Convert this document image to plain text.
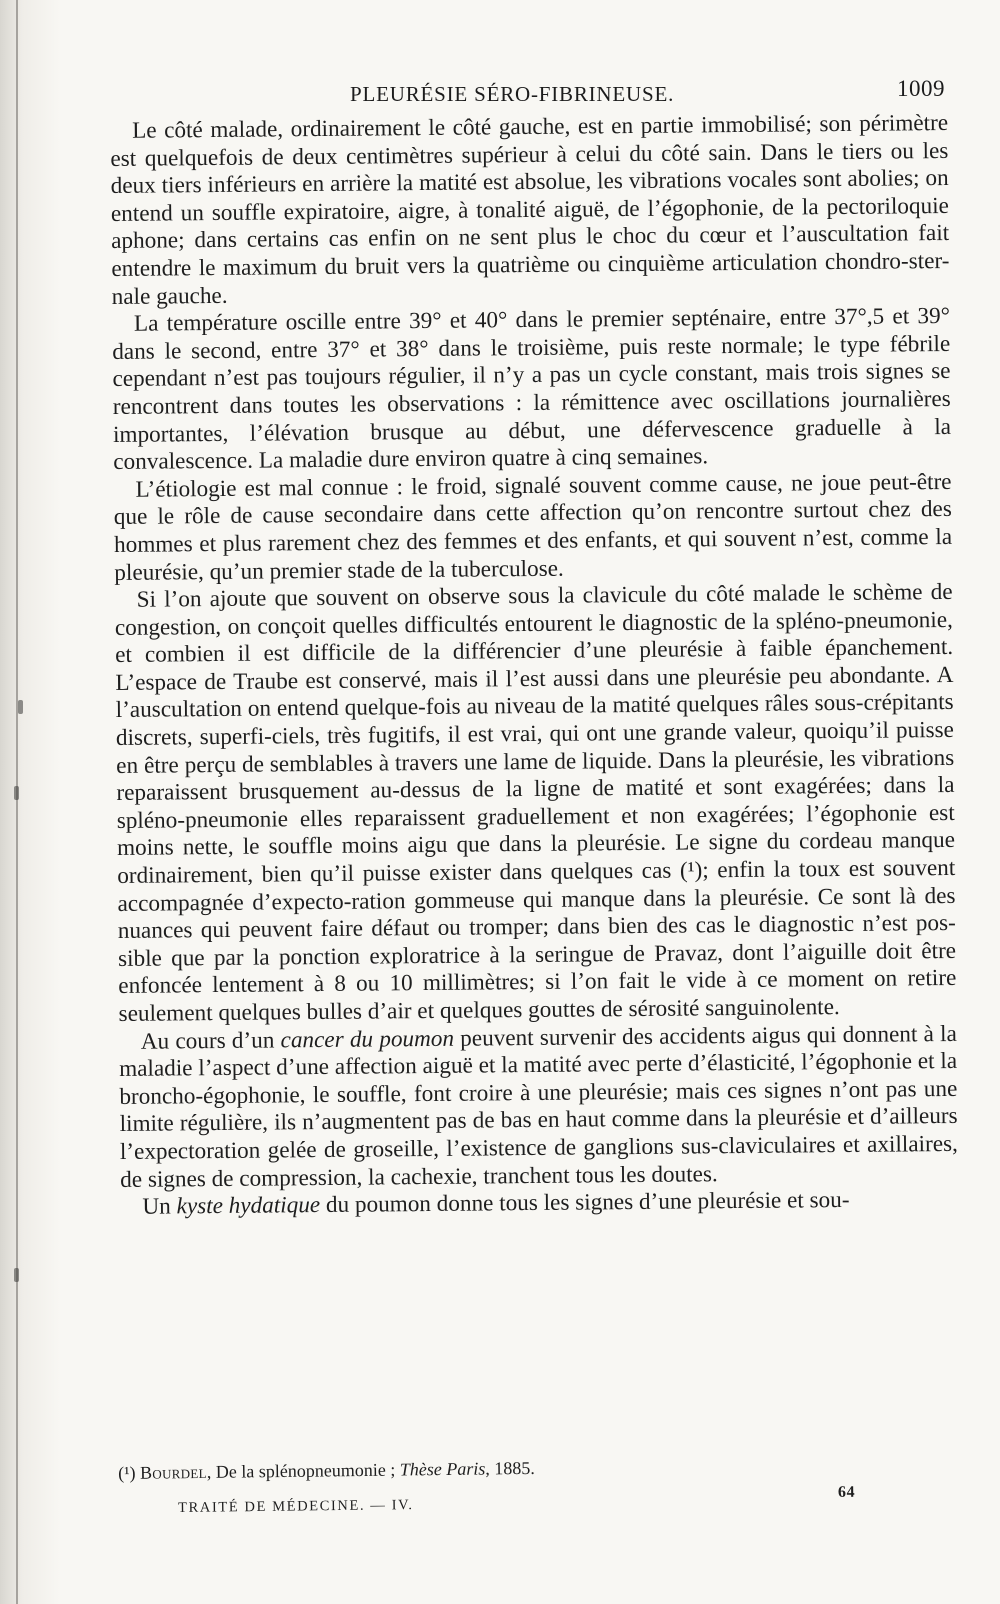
PLEURÉSIE SÉRO-FIBRINEUSE.	1009

Le côté malade, ordinairement le côté gauche, est en partie immobilisé; son périmètre est quelquefois de deux centimètres supérieur à celui du côté sain. Dans le tiers ou les deux tiers inférieurs en arrière la matité est absolue, les vibrations vocales sont abolies; on entend un souffle expiratoire, aigre, à tonalité aiguë, de l’égophonie, de la pectoriloquie aphone; dans certains cas enfin on ne sent plus le choc du cœur et l’auscultation fait entendre le maximum du bruit vers la quatrième ou cinquième articulation chondro-ster-nale gauche.

La température oscille entre 39° et 40° dans le premier septénaire, entre 37°,5 et 39° dans le second, entre 37° et 38° dans le troisième, puis reste normale; le type fébrile cependant n’est pas toujours régulier, il n’y a pas un cycle constant, mais trois signes se rencontrent dans toutes les observations : la rémittence avec oscillations journalières importantes, l’élévation brusque au début, une défervescence graduelle à la convalescence. La maladie dure environ quatre à cinq semaines.

L’étiologie est mal connue : le froid, signalé souvent comme cause, ne joue peut-être que le rôle de cause secondaire dans cette affection qu’on rencontre surtout chez des hommes et plus rarement chez des femmes et des enfants, et qui souvent n’est, comme la pleurésie, qu’un premier stade de la tuberculose.

Si l’on ajoute que souvent on observe sous la clavicule du côté malade le schème de congestion, on conçoit quelles difficultés entourent le diagnostic de la spléno-pneumonie, et combien il est difficile de la différencier d’une pleurésie à faible épanchement. L’espace de Traube est conservé, mais il l’est aussi dans une pleurésie peu abondante. A l’auscultation on entend quelque-fois au niveau de la matité quelques râles sous-crépitants discrets, superfi-ciels, très fugitifs, il est vrai, qui ont une grande valeur, quoiqu’il puisse en être perçu de semblables à travers une lame de liquide. Dans la pleurésie, les vibrations reparaissent brusquement au-dessus de la ligne de matité et sont exagérées; dans la spléno-pneumonie elles reparaissent graduellement et non exagérées; l’égophonie est moins nette, le souffle moins aigu que dans la pleurésie. Le signe du cordeau manque ordinairement, bien qu’il puisse exister dans quelques cas (¹); enfin la toux est souvent accompagnée d’expecto-ration gommeuse qui manque dans la pleurésie. Ce sont là des nuances qui peuvent faire défaut ou tromper; dans bien des cas le diagnostic n’est pos-sible que par la ponction exploratrice à la seringue de Pravaz, dont l’aiguille doit être enfoncée lentement à 8 ou 10 millimètres; si l’on fait le vide à ce moment on retire seulement quelques bulles d’air et quelques gouttes de sérosité sanguinolente.

Au cours d’un cancer du poumon peuvent survenir des accidents aigus qui donnent à la maladie l’aspect d’une affection aiguë et la matité avec perte d’élasticité, l’égophonie et la broncho-égophonie, le souffle, font croire à une pleurésie; mais ces signes n’ont pas une limite régulière, ils n’augmentent pas de bas en haut comme dans la pleurésie et d’ailleurs l’expectoration gelée de groseille, l’existence de ganglions sus-claviculaires et axillaires, de signes de compression, la cachexie, tranchent tous les doutes.

Un kyste hydatique du poumon donne tous les signes d’une pleurésie et sou-

(¹) Bourdel, De la splénopneumonie ; Thèse Paris, 1885.
TRAITÉ DE MÉDECINE. — IV.
64
